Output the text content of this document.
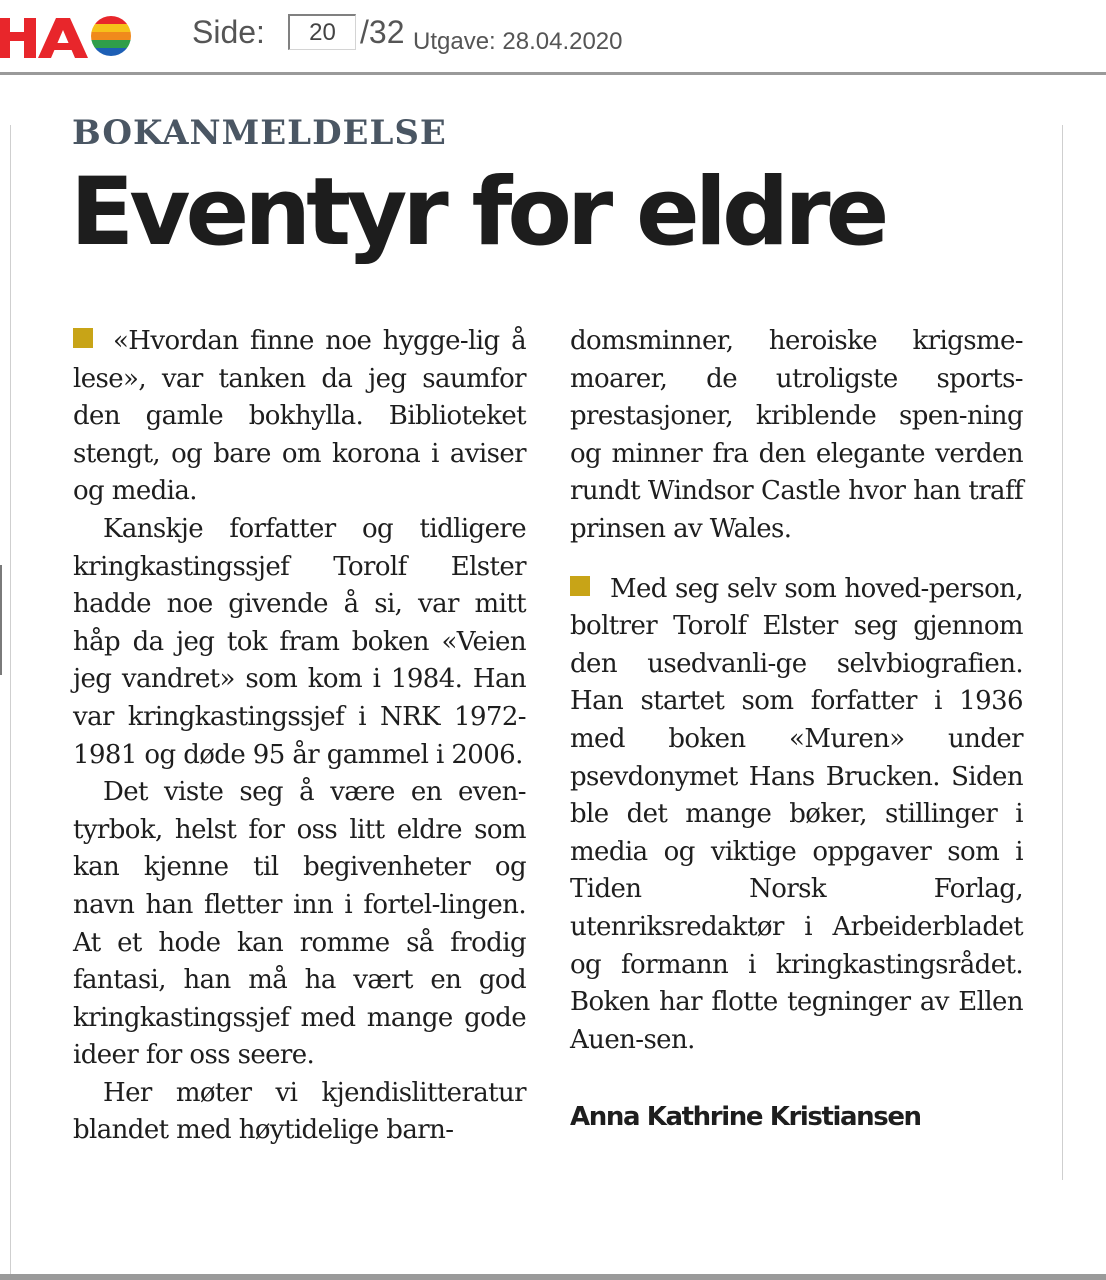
Side:
20	/32 Utgave: 28.04.2020
BOKANMELDELSE
Eventyr for eldre

«Hvordan finne noe hygge-lig å lese», var tanken da jeg saumfor den gamle bokhylla. Biblioteket stengt, og bare om korona i aviser og media.

Kanskje forfatter og tidligere kringkastingssjef Torolf Elster hadde noe givende å si, var mitt håp da jeg tok fram boken «Veien jeg vandret» som kom i 1984. Han var kringkastingssjef i NRK 1972-1981 og døde 95 år gammel i 2006.

Det viste seg å være en even-tyrbok, helst for oss litt eldre som kan kjenne til begivenheter og navn han fletter inn i fortel-lingen. At et hode kan romme så frodig fantasi, han må ha vært en god kringkastingssjef med mange gode ideer for oss seere.

Her møter vi kjendislitteratur blandet med høytidelige barn-

domsminner, heroiske krigsme-moarer, de utroligste sports-prestasjoner, kriblende spen-ning og minner fra den elegante verden rundt Windsor Castle hvor han traff prinsen av Wales.

Med seg selv som hoved-person, boltrer Torolf Elster seg gjennom den usedvanli-ge selvbiografien. Han startet som forfatter i 1936 med boken «Muren» under psevdonymet Hans Brucken. Siden ble det mange bøker, stillinger i media og viktige oppgaver som i Tiden Norsk Forlag, utenriksredaktør i Arbeiderbladet og formann i kringkastingsrådet. Boken har flotte tegninger av Ellen Auen-sen.

Anna Kathrine Kristiansen
